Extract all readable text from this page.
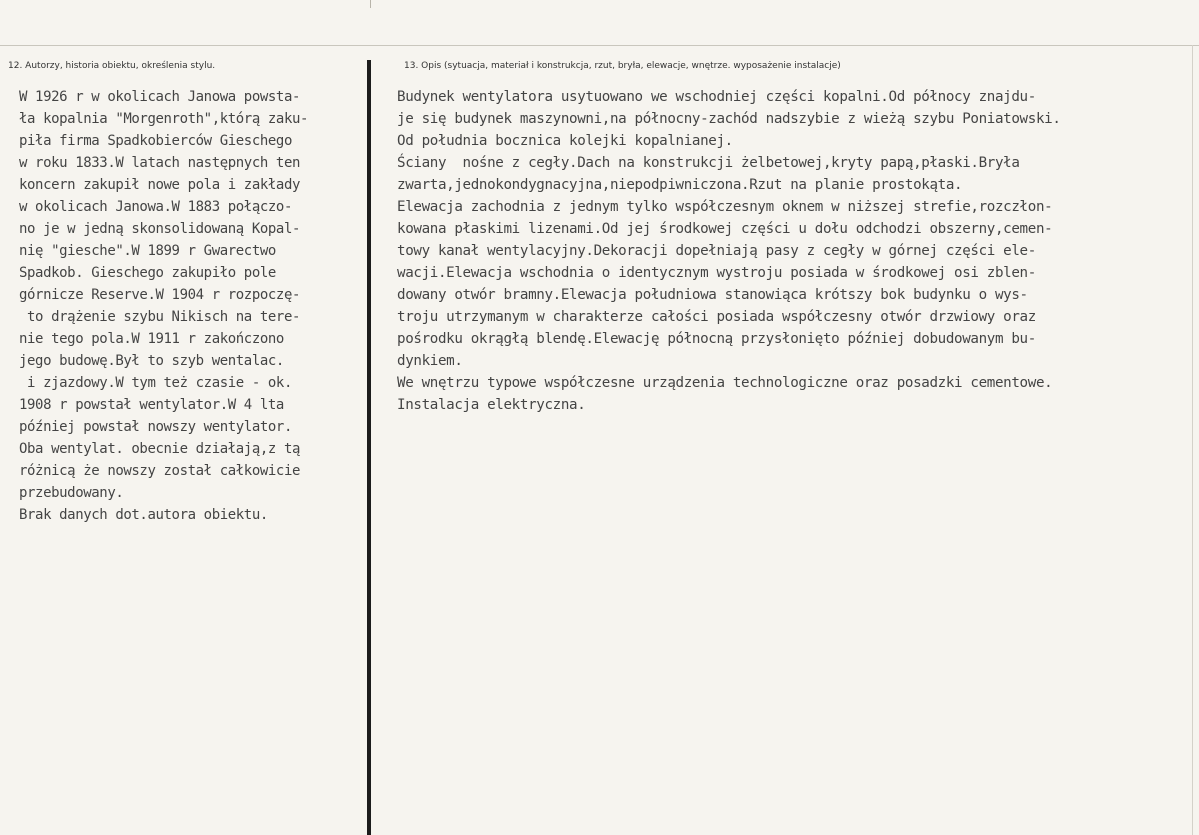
12. Autorzy, historia obiektu, określenia stylu.	13. Opis (sytuacja, materiał i konstrukcja, rzut, bryła, elewacje, wnętrze. wyposażenie instalacje)
W 1926 r w okolicach Janowa powsta-
ła kopalnia "Morgenroth",którą zaku-
piła firma Spadkobierców Gieschego
w roku 1833.W latach następnych ten
koncern zakupił nowe pola i zakłady
w okolicach Janowa.W 1883 połączo-
no je w jedną skonsolidowaną Kopal-
nię "giesche".W 1899 r Gwarectwo
Spadkob. Gieschego zakupiło pole
górnicze Reserve.W 1904 r rozpoczę-
to drążenie szybu Nikisch na tere-
nie tego pola.W 1911 r zakończono
jego budowę.Był to szyb wentalac.
i zjazdowy.W tym też czasie - ok.
1908 r powstał wentylator.W 4 lta
później powstał nowszy wentylator.
Oba wentylat. obecnie działają,z tą
różnicą że nowszy został całkowicie
przebudowany.
Brak danych dot.autora obiektu.
Budynek wentylatora usytuowano we wschodniej części kopalni.Od północy znajdu-
je się budynek maszynowni,na północny-zachód nadszybie z wieżą szybu Poniatowski.
Od południa bocznica kolejki kopalnianej.
Ściany  nośne z cegły.Dach na konstrukcji żelbetowej,kryty papą,płaski.Bryła
zwarta,jednokondygnacyjna,niepodpiwniczona.Rzut na planie prostokąta.
Elewacja zachodnia z jednym tylko współczesnym oknem w niższej strefie,rozczłon-
kowana płaskimi lizenami.Od jej środkowej części u dołu odchodzi obszerny,cemen-
towy kanał wentylacyjny.Dekoracji dopełniają pasy z cegły w górnej części ele-
wacji.Elewacja wschodnia o identycznym wystroju posiada w środkowej osi zblen-
dowany otwór bramny.Elewacja południowa stanowiąca krótszy bok budynku o wys-
troju utrzymanym w charakterze całości posiada współczesny otwór drzwiowy oraz
pośrodku okrągłą blendę.Elewację północną przysłonięto później dobudowanym bu-
dynkiem.
We wnętrzu typowe współczesne urządzenia technologiczne oraz posadzki cementowe.
Instalacja elektryczna.
